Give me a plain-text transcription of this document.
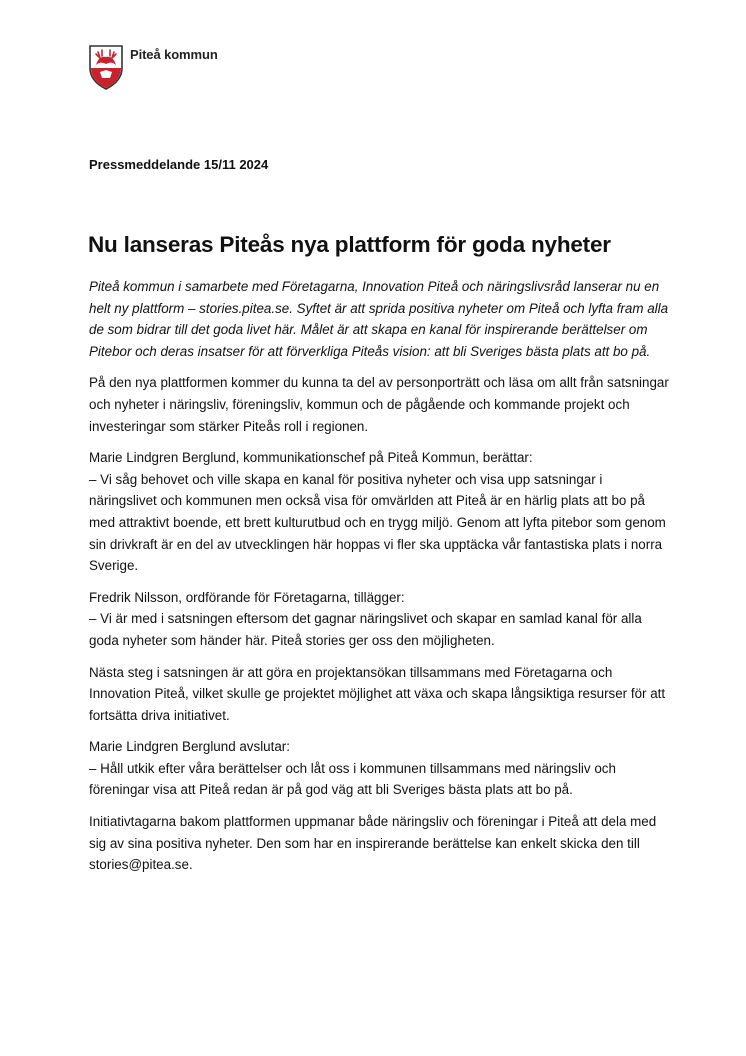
Piteå kommun

Pressmeddelande 15/11 2024

Nu lanseras Piteås nya plattform för goda nyheter

Piteå kommun i samarbete med Företagarna, Innovation Piteå och näringslivsråd lanserar nu en helt ny plattform – stories.pitea.se. Syftet är att sprida positiva nyheter om Piteå och lyfta fram alla de som bidrar till det goda livet här. Målet är att skapa en kanal för inspirerande berättelser om Pitebor och deras insatser för att förverkliga Piteås vision: att bli Sveriges bästa plats att bo på.

På den nya plattformen kommer du kunna ta del av personporträtt och läsa om allt från satsningar och nyheter i näringsliv, föreningsliv, kommun och de pågående och kommande projekt och investeringar som stärker Piteås roll i regionen.

Marie Lindgren Berglund, kommunikationschef på Piteå Kommun, berättar:
– Vi såg behovet och ville skapa en kanal för positiva nyheter och visa upp satsningar i näringslivet och kommunen men också visa för omvärlden att Piteå är en härlig plats att bo på med attraktivt boende, ett brett kulturutbud och en trygg miljö. Genom att lyfta pitebor som genom sin drivkraft är en del av utvecklingen här hoppas vi fler ska upptäcka vår fantastiska plats i norra Sverige.

Fredrik Nilsson, ordförande för Företagarna, tillägger:
– Vi är med i satsningen eftersom det gagnar näringslivet och skapar en samlad kanal för alla goda nyheter som händer här. Piteå stories ger oss den möjligheten.

Nästa steg i satsningen är att göra en projektansökan tillsammans med Företagarna och Innovation Piteå, vilket skulle ge projektet möjlighet att växa och skapa långsiktiga resurser för att fortsätta driva initiativet.

Marie Lindgren Berglund avslutar:
– Håll utkik efter våra berättelser och låt oss i kommunen tillsammans med näringsliv och föreningar visa att Piteå redan är på god väg att bli Sveriges bästa plats att bo på.

Initiativtagarna bakom plattformen uppmanar både näringsliv och föreningar i Piteå att dela med sig av sina positiva nyheter. Den som har en inspirerande berättelse kan enkelt skicka den till stories@pitea.se.
